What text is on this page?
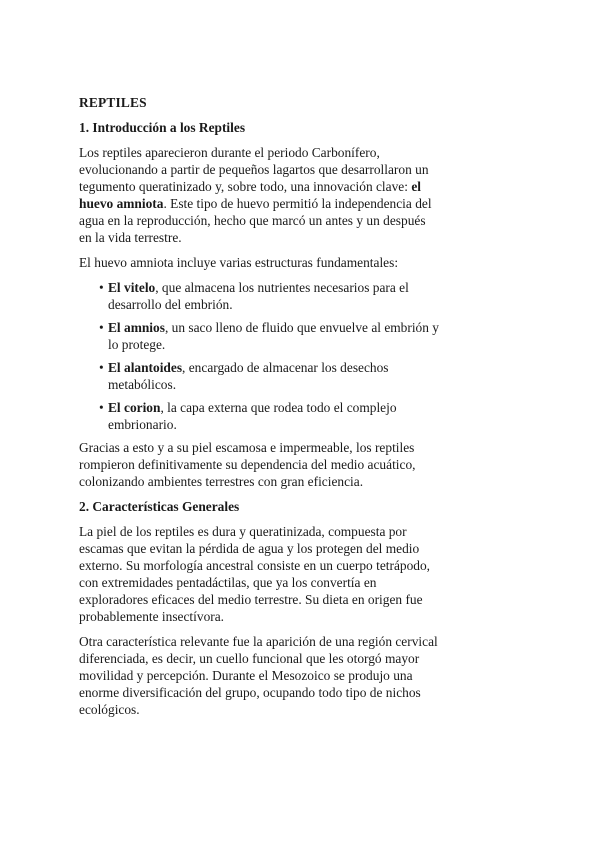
REPTILES
1. Introducción a los Reptiles

Los reptiles aparecieron durante el periodo Carbonífero, evolucionando a partir de pequeños lagartos que desarrollaron un tegumento queratinizado y, sobre todo, una innovación clave: el huevo amniota. Este tipo de huevo permitió la independencia del agua en la reproducción, hecho que marcó un antes y un después en la vida terrestre.

El huevo amniota incluye varias estructuras fundamentales:

• El vitelo, que almacena los nutrientes necesarios para el desarrollo del embrión.
• El amnios, un saco lleno de fluido que envuelve al embrión y lo protege.
• El alantoides, encargado de almacenar los desechos metabólicos.
• El corion, la capa externa que rodea todo el complejo embrionario.

Gracias a esto y a su piel escamosa e impermeable, los reptiles rompieron definitivamente su dependencia del medio acuático, colonizando ambientes terrestres con gran eficiencia.

2. Características Generales

La piel de los reptiles es dura y queratinizada, compuesta por escamas que evitan la pérdida de agua y los protegen del medio externo. Su morfología ancestral consiste en un cuerpo tetrápodo, con extremidades pentadáctilas, que ya los convertía en exploradores eficaces del medio terrestre. Su dieta en origen fue probablemente insectívora.

Otra característica relevante fue la aparición de una región cervical diferenciada, es decir, un cuello funcional que les otorgó mayor movilidad y percepción. Durante el Mesozoico se produjo una enorme diversificación del grupo, ocupando todo tipo de nichos ecológicos.
